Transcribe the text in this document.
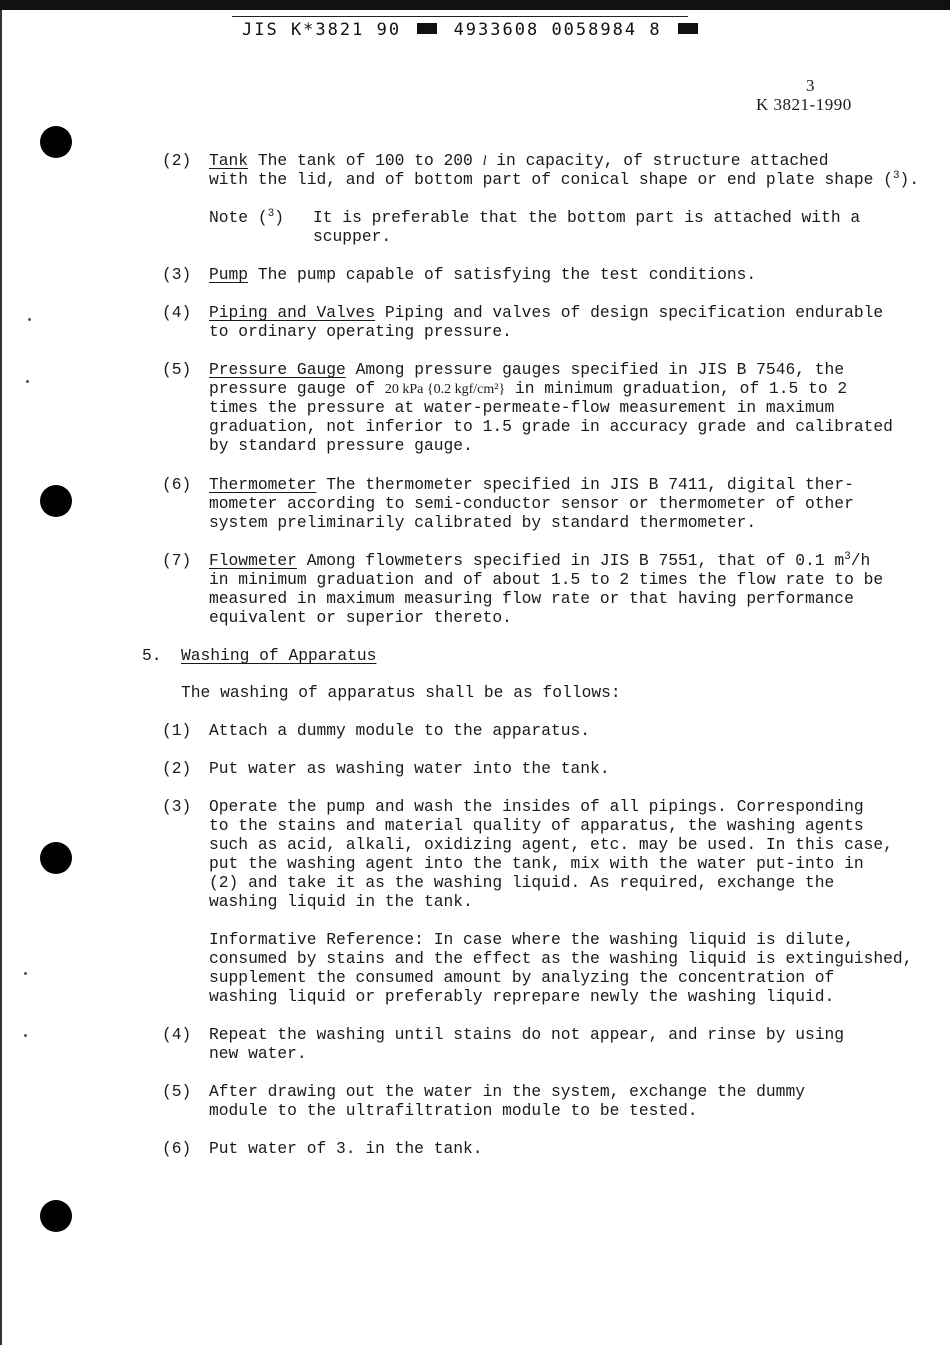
JIS K*3821 90	4933608 0058984 8
3
K 3821-1990
(2) Tank The tank of 100 to 200 l in capacity, of structure attached
with the lid, and of bottom part of conical shape or end plate shape ($^3$).
Note ($^3$) It is preferable that the bottom part is attached with a
scupper.
(3) Pump The pump capable of satisfying the test conditions.
(4) Piping and Valves Piping and valves of design specification endurable
to ordinary operating pressure.
(5) Pressure Gauge Among pressure gauges specified in JIS B 7546, the
pressure gauge of 20 kPa {0.2 kgf/cm²} in minimum graduation, of 1.5 to 2
times the pressure at water-permeate-flow measurement in maximum
graduation, not inferior to 1.5 grade in accuracy grade and calibrated
by standard pressure gauge.
(6) Thermometer The thermometer specified in JIS B 7411, digital ther-
mometer according to semi-conductor sensor or thermometer of other
system preliminarily calibrated by standard thermometer.
(7) Flowmeter Among flowmeters specified in JIS B 7551, that of 0.1 $m^3/h$
in minimum graduation and of about 1.5 to 2 times the flow rate to be
measured in maximum measuring flow rate or that having performance
equivalent or superior thereto.
5. Washing of Apparatus
The washing of apparatus shall be as follows:
(1) Attach a dummy module to the apparatus.
(2) Put water as washing water into the tank.
(3) Operate the pump and wash the insides of all pipings. Corresponding
to the stains and material quality of apparatus, the washing agents
such as acid, alkali, oxidizing agent, etc. may be used. In this case,
put the washing agent into the tank, mix with the water put-into in
(2) and take it as the washing liquid. As required, exchange the
washing liquid in the tank.
Informative Reference: In case where the washing liquid is dilute,
consumed by stains and the effect as the washing liquid is extinguished,
supplement the consumed amount by analyzing the concentration of
washing liquid or preferably reprepare newly the washing liquid.
(4) Repeat the washing until stains do not appear, and rinse by using
new water.
(5) After drawing out the water in the system, exchange the dummy
module to the ultrafiltration module to be tested.
(6) Put water of 3. in the tank.
